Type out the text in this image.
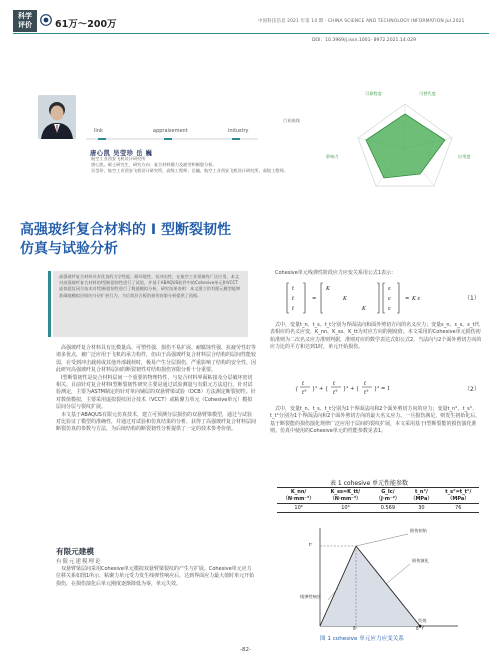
科学
评价	61万～200万	中国科技信息 2021 年第 14 期 · CHINA SCIENCE AND TECHNOLOGY INFORMATION Jul.2021
DOI：10.3969/j.issn.1001- 8972.2021.14.029
link	appraisement	industry
可靠程度	可替代度
影响力	应用度
行业关联度
行业曲线
唐心凯 吴莹珍 岳 巍
航空工业西安飞机设计研究所
唐心凯，硕士研究生，研究方向：复合材料静力及疲劳和断裂分析。
吴莹珍，航空工业西安飞机设计研究所，高级工程师；岳巍，航空工业西安飞机设计研究所，高级工程师。
高强玻纤复合材料的 I 型断裂韧性
仿真与试验分析
高强玻纤复合材料具有优良的力学性能、耐环境性、抗冲击性，在航空工业领域有广泛应用。本文对高强玻纤复合材料的I型断裂韧性进行了试验，并基于ABAQUS软件中的Cohesive单元和VCCT虚拟裂纹闭合技术对I型断裂韧性进行了数值模拟分析，研究结果表明：本文建立的有限元模型能够准确地模拟层间的分层扩展行为，为后续层合板的损伤容限分析提供了依据。

高强玻纤复合材料具有比模量高、可塑性强、损伤不易扩展、耐腐蚀性强、抗疲劳性好等诸多优点，被广泛应用于飞机的承力构件，但由于高强玻纤复合材料层合结构的层间性能较弱，在受到冲击载荷或其他外部载荷时，极易产生分层损伤，严重影响了结构的安全性，因此研究高强玻纤复合材料层间的断裂韧性对结构损伤容限分析十分重要。

I型断裂韧性是复合材料层间一个重要的物理特性，与复合材料界面粘接及分层破坏密切相关。目前针对复合材料I型断裂韧性研究主要是通过试验测量与有限元方法进行。针对试验测定，主要为ASTM制定的针对单向铺层的双悬臂梁试验（DCB）方法测定断裂韧性。针对数值模拟，主要采用虚拟裂纹闭合技术（VCCT）或粘聚力单元（Cohesive单元）模拟层间分层与裂纹扩展。

本文基于ABAQUS有限元仿真技术，建立可预测分层损伤的双悬臂梁模型，通过与试验对比验证了模型的准确性，并通过对试验和仿真结果的分析，获得了高强玻纤复合材料层间断裂仿真的参数与方法，为后续结构的断裂韧性分析提供了一定的技术参考价值。

有限元建模
有限元建模理论

双悬臂梁层间采用Cohesive单元模拟双悬臂梁裂纹的产生与扩展。Cohesive单元应力位移关系如图1所示，粘聚力单元受力发生线弹性响应后，达到界面应力最大值时单元开始损伤，在损伤演化后单元刚度逐渐降低为零，单元失效。

Cohesive单元线弹性阶段应力应变关系用公式1表示：
t
t
t
=
K
K
K
ε
ε
ε
= K ε	（1）
式中，变量t_n、t_s、t_t分别为界面法向和面外剪切方向的名义应力；变量ε_n、ε_s、ε_t代表相应的名义应变，K_nn、K_ss、K_tt为对应方向的刚度值。本文采用的Cohesive单元损伤初始准则为二次名义应力准则判据，准则对应的数学表达式如公式2，当法向与2个面外剪切方向的应力比的平方和达到1时，单元开始损伤。
{
t
t°
}² + {
t
t°
}² + {
t
t°
}² = 1	（2）
式中，变量t_n、t_s、t_t分别为1个界面法向和2个面外剪切方向的应力；变量t_n°、t_s°、t_t°分别为1个界面法向和2个面外剪切方向的最大名义应力。一旦损伤满足，则发生初始化后，基于断裂能的损伤演化规律广泛应用于层间的裂纹扩展，本文采用基于I型断裂能的损伤演化准则。仿真中使用的Cohesive单元的性能参数见表1。
表 1 cohesive 单元性能参数
K_nn/（N·mm⁻³）	K_ss=K_tt/（N·mm⁻³）	G_Ic/（J·m⁻²）	t_n°/（MPa）	t_s°=t_t°/（MPa）
10⁶	10⁶	0.569	30	76
损伤初始
线弹性响应
损伤演化
失效
δ⁰	δ^f
t⁰
图 1 cohesive 单元应力应变关系
-82-
